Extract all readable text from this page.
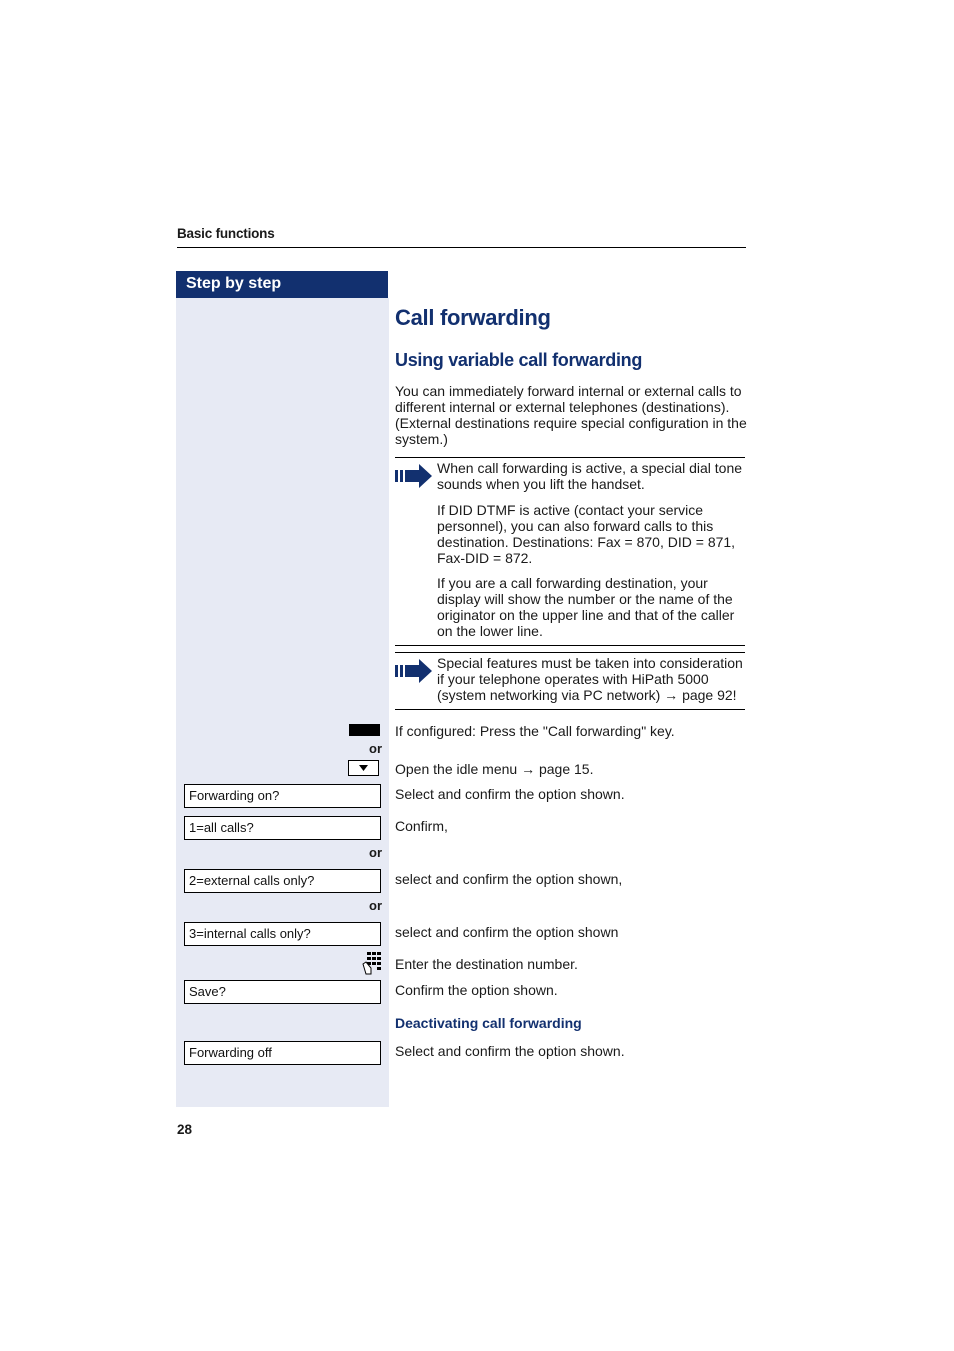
Basic functions
Step by step
Call forwarding
Using variable call forwarding
You can immediately forward internal or external calls to different internal or external telephones (destinations). (External destinations require special configuration in the system.)
When call forwarding is active, a special dial tone sounds when you lift the handset.
If DID DTMF is active (contact your service personnel), you can also forward calls to this destination. Destinations: Fax = 870, DID = 871, Fax-DID = 872.
If you are a call forwarding destination, your display will show the number or the name of the originator on the upper line and that of the caller on the lower line.
Special features must be taken into consideration if your telephone operates with HiPath 5000 (system networking via PC network) → page 92!
If configured: Press the "Call forwarding" key.
or
Open the idle menu → page 15.
Forwarding on?	Select and confirm the option shown.
1=all calls?	Confirm,
or
2=external calls only?	select and confirm the option shown,
or
3=internal calls only?	select and confirm the option shown
Enter the destination number.
Save?	Confirm the option shown.
Deactivating call forwarding
Forwarding off	Select and confirm the option shown.
28
